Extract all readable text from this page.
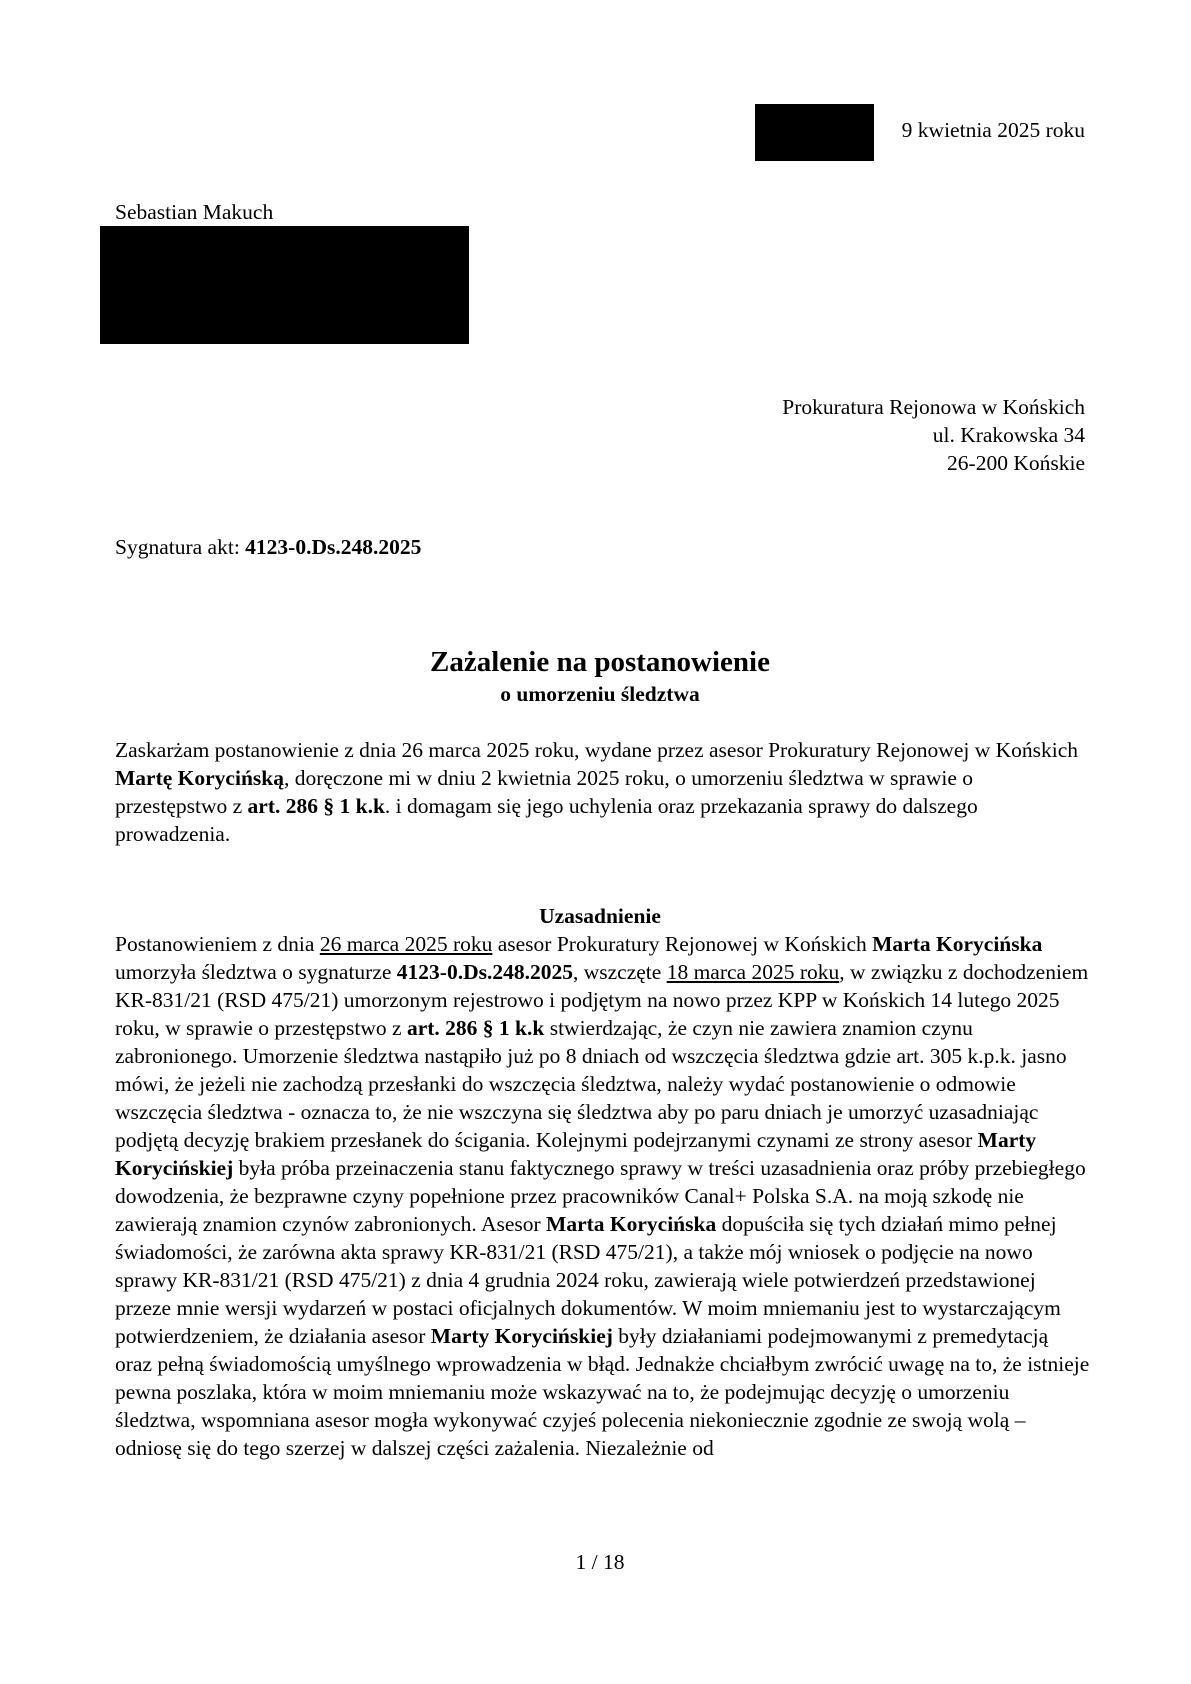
9 kwietnia 2025 roku
Sebastian Makuch
Prokuratura Rejonowa w Końskich
ul. Krakowska 34
26-200 Końskie
Sygnatura akt: 4123-0.Ds.248.2025
Zażalenie na postanowienie
o umorzeniu śledztwa
Zaskarżam postanowienie z dnia 26 marca 2025 roku, wydane przez asesor Prokuratury Rejonowej w Końskich Martę Korycińską, doręczone mi w dniu 2 kwietnia 2025 roku, o umorzeniu śledztwa w sprawie o przestępstwo z art. 286 § 1 k.k. i domagam się jego uchylenia oraz przekazania sprawy do dalszego prowadzenia.
Uzasadnienie
Postanowieniem z dnia 26 marca 2025 roku asesor Prokuratury Rejonowej w Końskich Marta Korycińska umorzyła śledztwa o sygnaturze 4123-0.Ds.248.2025, wszczęte 18 marca 2025 roku, w związku z dochodzeniem KR-831/21 (RSD 475/21) umorzonym rejestrowo i podjętym na nowo przez KPP w Końskich 14 lutego 2025 roku, w sprawie o przestępstwo z art. 286 § 1 k.k stwierdzając, że czyn nie zawiera znamion czynu zabronionego. Umorzenie śledztwa nastąpiło już po 8 dniach od wszczęcia śledztwa gdzie art. 305 k.p.k. jasno mówi, że jeżeli nie zachodzą przesłanki do wszczęcia śledztwa, należy wydać postanowienie o odmowie wszczęcia śledztwa - oznacza to, że nie wszczyna się śledztwa aby po paru dniach je umorzyć uzasadniając podjętą decyzję brakiem przesłanek do ścigania. Kolejnymi podejrzanymi czynami ze strony asesor Marty Korycińskiej była próba przeinaczenia stanu faktycznego sprawy w treści uzasadnienia oraz próby przebiegłego dowodzenia, że bezprawne czyny popełnione przez pracowników Canal+ Polska S.A. na moją szkodę nie zawierają znamion czynów zabronionych. Asesor Marta Korycińska dopuściła się tych działań mimo pełnej świadomości, że zarówna akta sprawy KR-831/21 (RSD 475/21), a także mój wniosek o podjęcie na nowo sprawy KR-831/21 (RSD 475/21) z dnia 4 grudnia 2024 roku, zawierają wiele potwierdzeń przedstawionej przeze mnie wersji wydarzeń w postaci oficjalnych dokumentów. W moim mniemaniu jest to wystarczającym potwierdzeniem, że działania asesor Marty Korycińskiej były działaniami podejmowanymi z premedytacją oraz pełną świadomością umyślnego wprowadzenia w błąd. Jednakże chciałbym zwrócić uwagę na to, że istnieje pewna poszlaka, która w moim mniemaniu może wskazywać na to, że podejmując decyzję o umorzeniu śledztwa, wspomniana asesor mogła wykonywać czyjeś polecenia niekoniecznie zgodnie ze swoją wolą – odniosę się do tego szerzej w dalszej części zażalenia. Niezależnie od
1 / 18
